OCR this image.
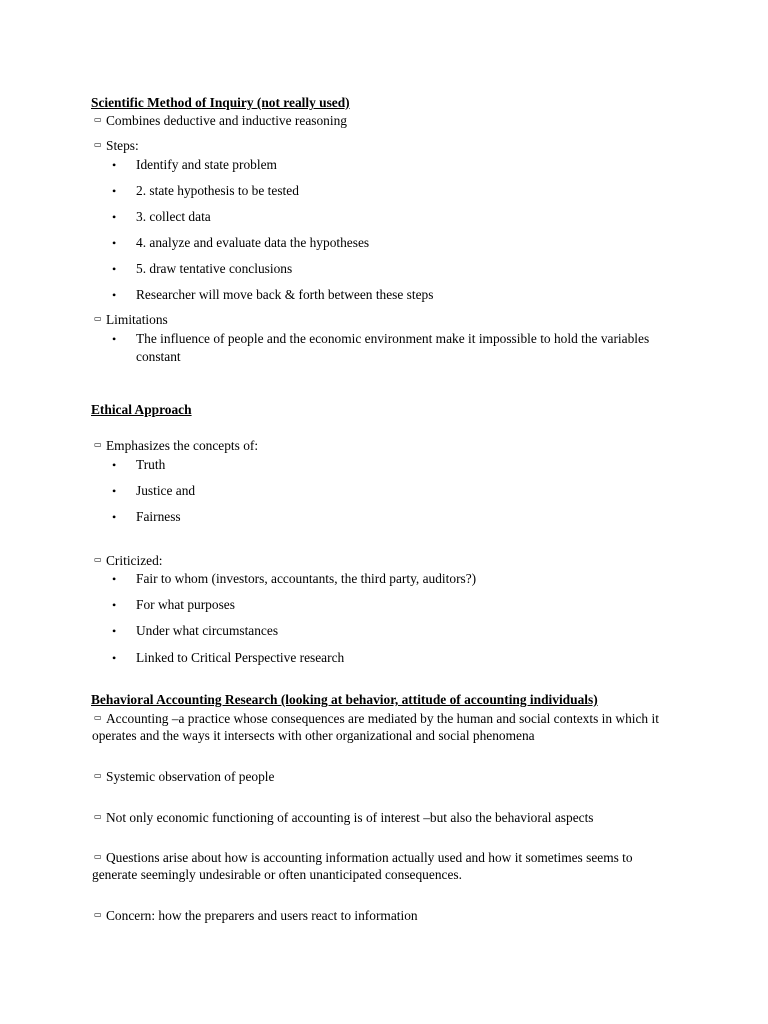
Scientific Method of Inquiry (not really used)
Combines deductive and inductive reasoning
Steps:
• Identify and state problem
• 2. state hypothesis to be tested
• 3. collect data
• 4. analyze and evaluate data the hypotheses
• 5. draw tentative conclusions
• Researcher will move back & forth between these steps
Limitations
• The influence of people and the economic environment make it impossible to hold the variables constant
Ethical Approach
Emphasizes the concepts of:
• Truth
• Justice and
• Fairness
Criticized:
• Fair to whom (investors, accountants, the third party, auditors?)
• For what purposes
• Under what circumstances
• Linked to Critical Perspective research
Behavioral Accounting Research (looking at behavior, attitude of accounting individuals)
Accounting –a practice whose consequences are mediated by the human and social contexts in which it operates and the ways it intersects with other organizational and social phenomena
Systemic observation of people
Not only economic functioning of accounting is of interest –but also the behavioral aspects
Questions arise about how is accounting information actually used and how it sometimes seems to generate seemingly undesirable or often unanticipated consequences.
Concern: how the preparers and users react to information
